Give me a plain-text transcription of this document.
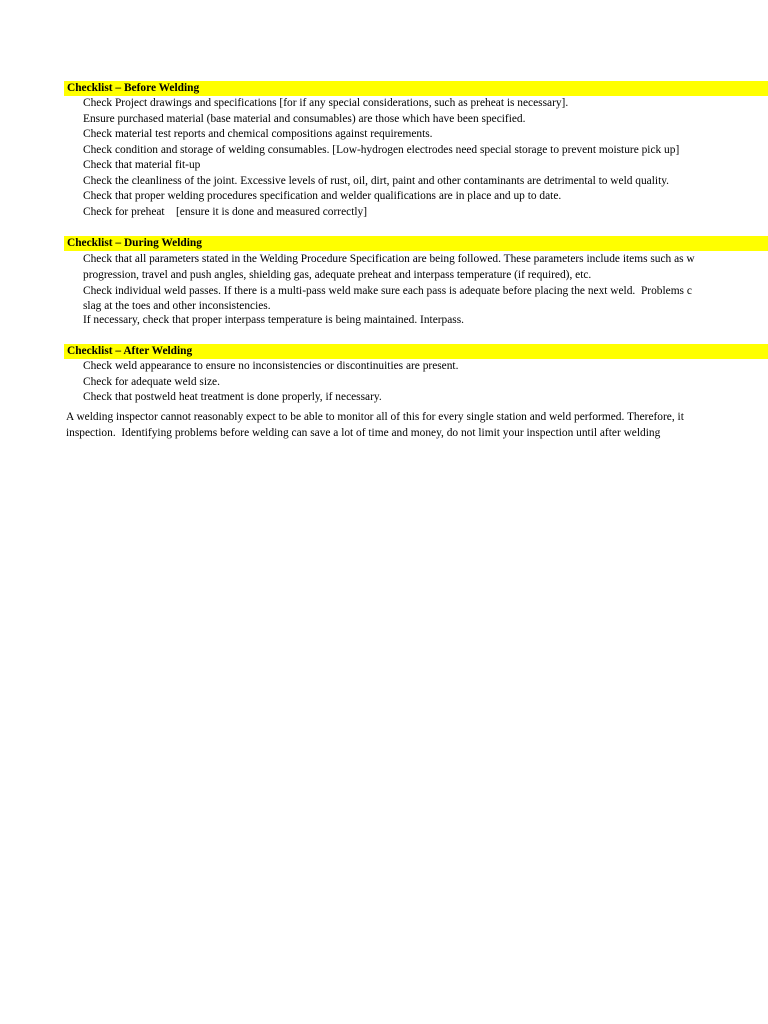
Checklist – Before Welding
Check Project drawings and specifications [for if any special considerations, such as preheat is necessary].
Ensure purchased material (base material and consumables) are those which have been specified.
Check material test reports and chemical compositions against requirements.
Check condition and storage of welding consumables. [Low-hydrogen electrodes need special storage to prevent moisture pick up]
Check that material fit-up
Check the cleanliness of the joint. Excessive levels of rust, oil, dirt, paint and other contaminants are detrimental to weld quality.
Check that proper welding procedures specification and welder qualifications are in place and up to date.
Check for preheat    [ensure it is done and measured correctly]
Checklist – During Welding
Check that all parameters stated in the Welding Procedure Specification are being followed. These parameters include items such as w
progression, travel and push angles, shielding gas, adequate preheat and interpass temperature (if required), etc.
Check individual weld passes. If there is a multi-pass weld make sure each pass is adequate before placing the next weld.  Problems c
slag at the toes and other inconsistencies.
If necessary, check that proper interpass temperature is being maintained. Interpass.
Checklist – After Welding
Check weld appearance to ensure no inconsistencies or discontinuities are present.
Check for adequate weld size.
Check that postweld heat treatment is done properly, if necessary.
A welding inspector cannot reasonably expect to be able to monitor all of this for every single station and weld performed. Therefore, it
inspection.  Identifying problems before welding can save a lot of time and money, do not limit your inspection until after welding
